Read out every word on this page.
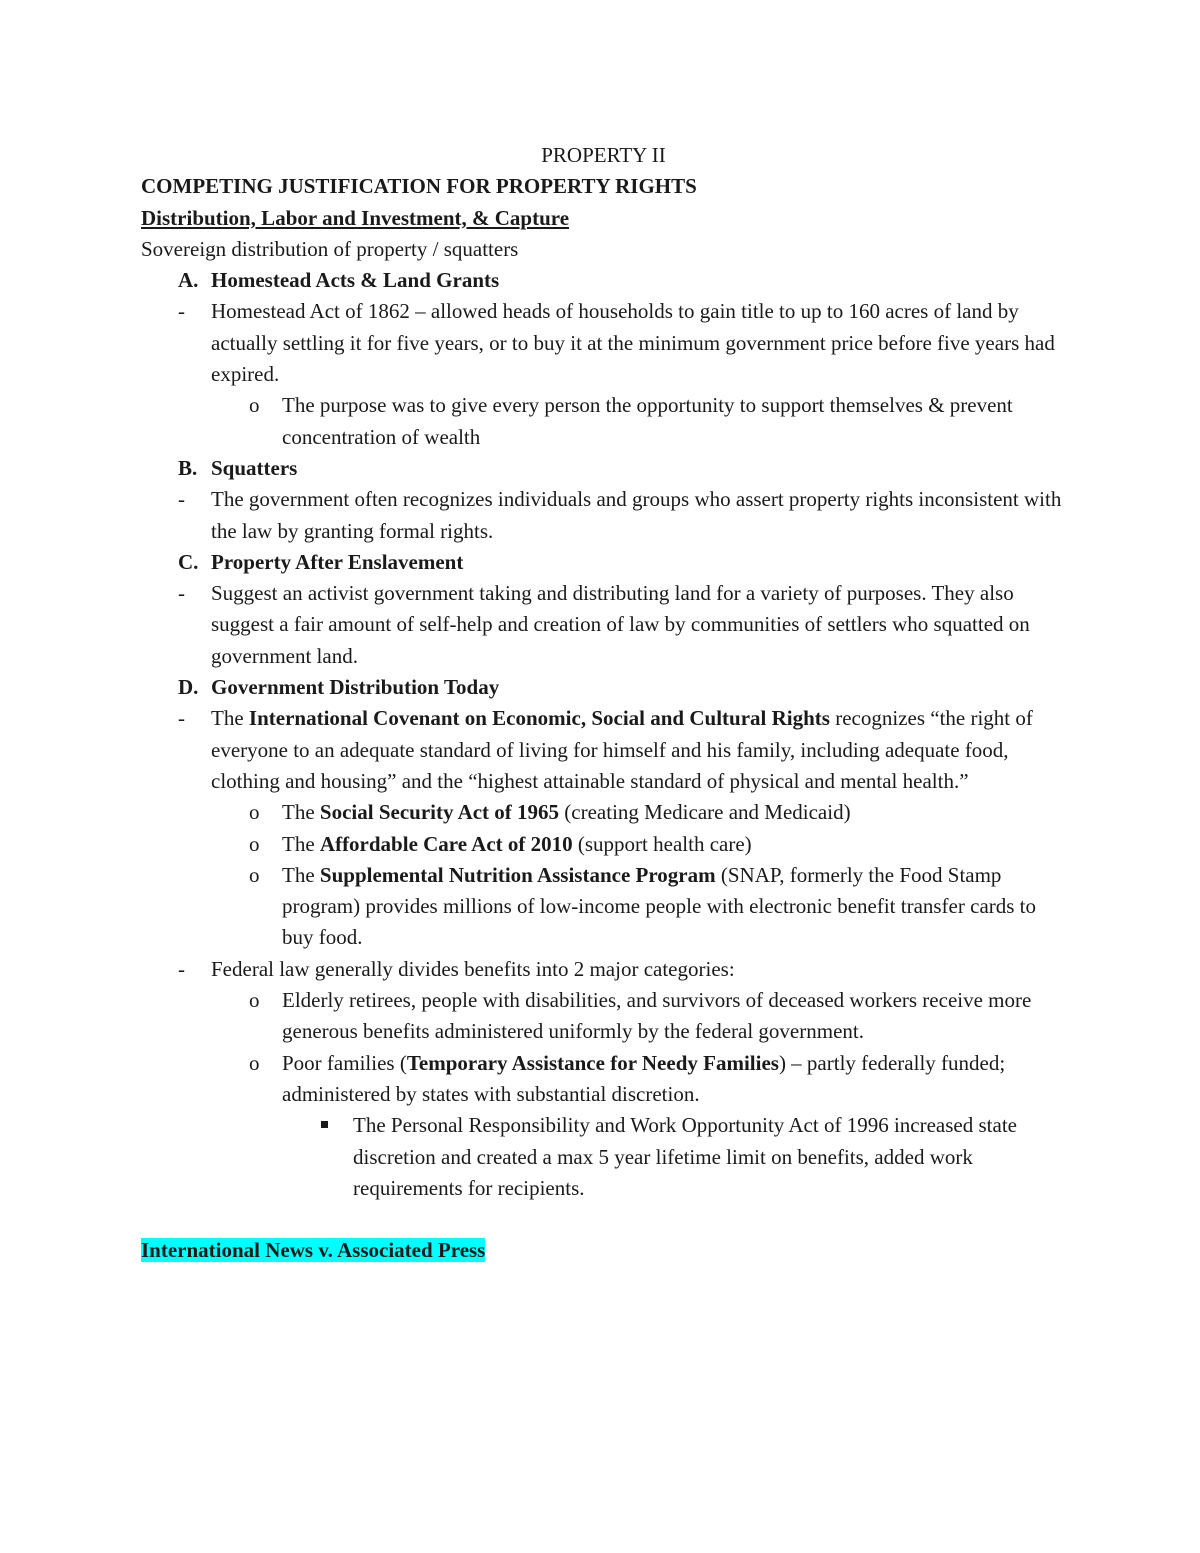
PROPERTY II

COMPETING JUSTIFICATION FOR PROPERTY RIGHTS

Distribution, Labor and Investment, & Capture

Sovereign distribution of property / squatters

A. Homestead Acts & Land Grants
- Homestead Act of 1862 – allowed heads of households to gain title to up to 160 acres of land by actually settling it for five years, or to buy it at the minimum government price before five years had expired.
o The purpose was to give every person the opportunity to support themselves & prevent concentration of wealth
B. Squatters
- The government often recognizes individuals and groups who assert property rights inconsistent with the law by granting formal rights.
C. Property After Enslavement
- Suggest an activist government taking and distributing land for a variety of purposes. They also suggest a fair amount of self-help and creation of law by communities of settlers who squatted on government land.
D. Government Distribution Today
- The International Covenant on Economic, Social and Cultural Rights recognizes “the right of everyone to an adequate standard of living for himself and his family, including adequate food, clothing and housing” and the “highest attainable standard of physical and mental health.”
o The Social Security Act of 1965 (creating Medicare and Medicaid)
o The Affordable Care Act of 2010 (support health care)
o The Supplemental Nutrition Assistance Program (SNAP, formerly the Food Stamp program) provides millions of low-income people with electronic benefit transfer cards to buy food.
- Federal law generally divides benefits into 2 major categories:
o Elderly retirees, people with disabilities, and survivors of deceased workers receive more generous benefits administered uniformly by the federal government.
o Poor families (Temporary Assistance for Needy Families) – partly federally funded; administered by states with substantial discretion.
The Personal Responsibility and Work Opportunity Act of 1996 increased state discretion and created a max 5 year lifetime limit on benefits, added work requirements for recipients.

International News v. Associated Press
